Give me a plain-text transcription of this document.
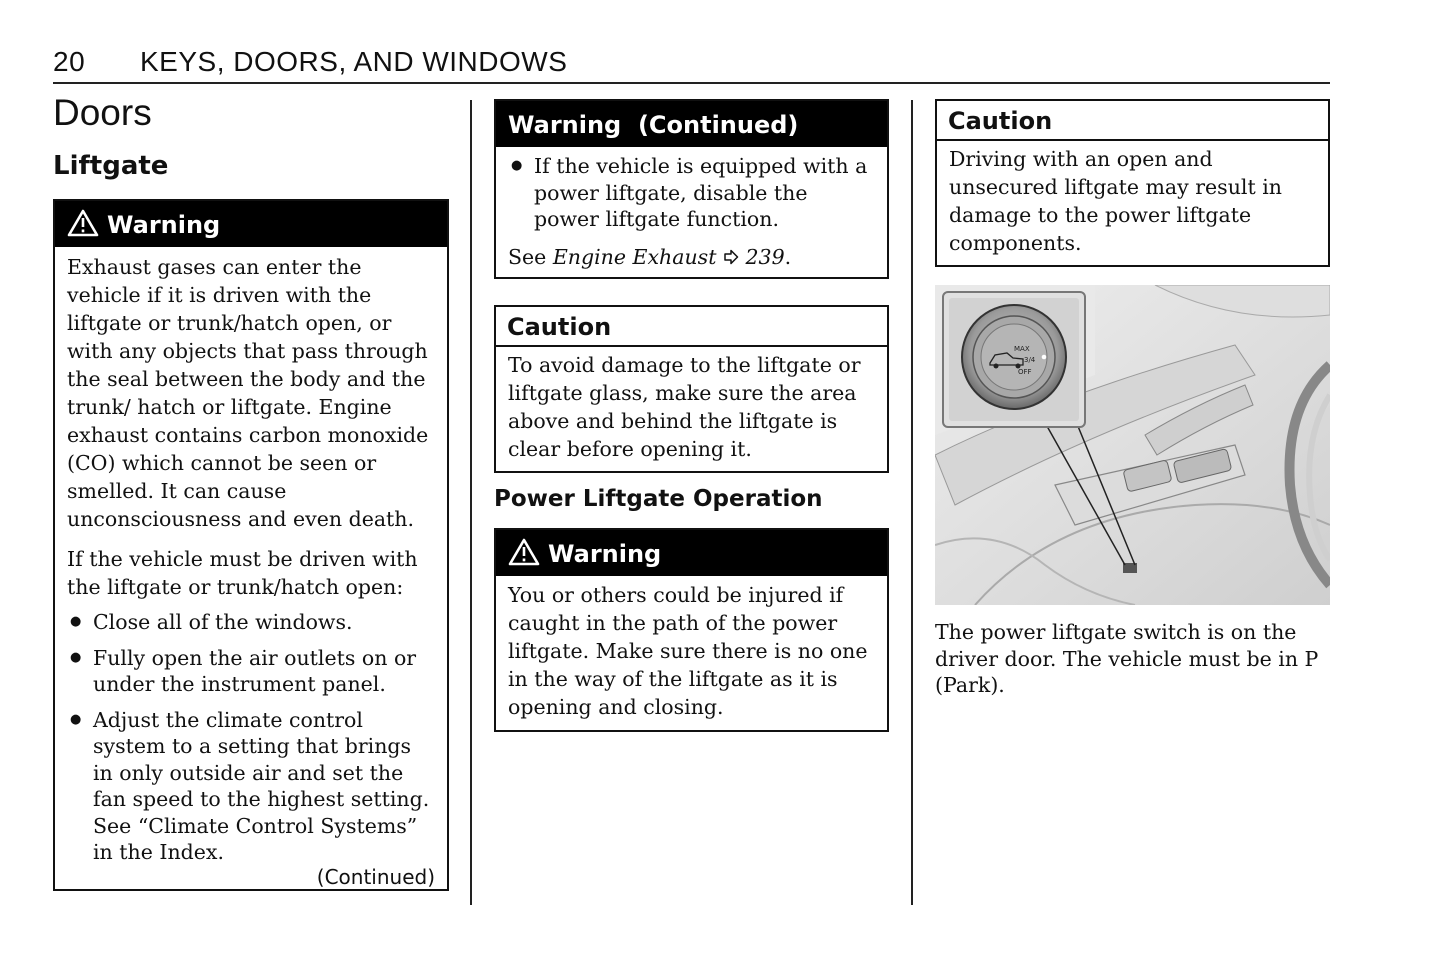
20 KEYS, DOORS, AND WINDOWS
Doors
Liftgate
Warning

Exhaust gases can enter the vehicle if it is driven with the liftgate or trunk/hatch open, or with any objects that pass through the seal between the body and the trunk/ hatch or liftgate. Engine exhaust contains carbon monoxide (CO) which cannot be seen or smelled. It can cause unconsciousness and even death.

If the vehicle must be driven with the liftgate or trunk/hatch open:

● Close all of the windows.
● Fully open the air outlets on or under the instrument panel.
● Adjust the climate control system to a setting that brings in only outside air and set the fan speed to the highest setting. See “Climate Control Systems” in the Index.
(Continued)
Warning  (Continued)
● If the vehicle is equipped with a power liftgate, disable the power liftgate function.

See Engine Exhaust  239.

Caution

To avoid damage to the liftgate or liftgate glass, make sure the area above and behind the liftgate is clear before opening it.

Power Liftgate Operation
Warning

You or others could be injured if caught in the path of the power liftgate. Make sure there is no one in the way of the liftgate as it is opening and closing.

Caution

Driving with an open and unsecured liftgate may result in damage to the power liftgate components.

MAX
3/4
OFF
The power liftgate switch is on the driver door. The vehicle must be in P (Park).
